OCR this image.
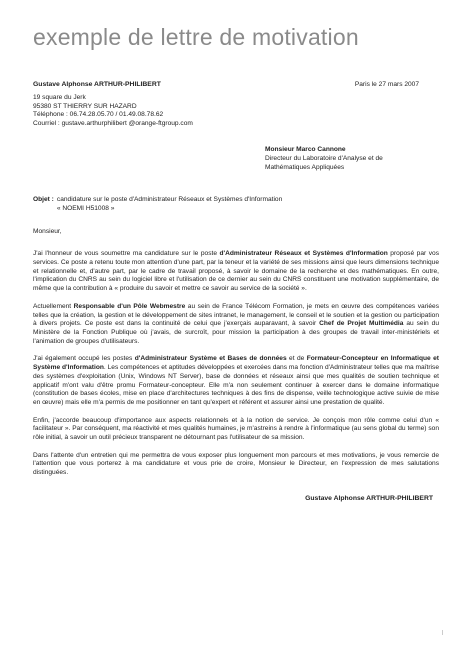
exemple de lettre de motivation
Gustave Alphonse ARTHUR-PHILIBERT	Paris le 27 mars 2007
19 square du Jerk
95380 ST THIERRY SUR HAZARD
Téléphone : 06.74.28.05.70 / 01.49.08.78.62
Courriel : gustave.arthurphilibert @orange-ftgroup.com
Monsieur Marco Cannone
Directeur du Laboratoire d'Analyse et de
Mathématiques Appliquées
Objet : candidature sur le poste d'Administrateur Réseaux et Systèmes d'Information
« NOEMI H51008 »
Monsieur,

J'ai l'honneur de vous soumettre ma candidature sur le poste d'Administrateur Réseaux et Systèmes d'Information proposé par vos services. Ce poste a retenu toute mon attention d'une part, par la teneur et la variété de ses missions ainsi que leurs dimensions technique et relationnelle et, d'autre part, par le cadre de travail proposé, à savoir le domaine de la recherche et des mathématiques. En outre, l'implication du CNRS au sein du logiciel libre et l'utilisation de ce dernier au sein du CNRS constituent une motivation supplémentaire, de même que la contribution à « produire du savoir et mettre ce savoir au service de la société ».

Actuellement Responsable d'un Pôle Webmestre au sein de France Télécom Formation, je mets en œuvre des compétences variées telles que la création, la gestion et le développement de sites intranet, le management, le conseil et le soutien et la gestion ou participation à divers projets. Ce poste est dans la continuité de celui que j'exerçais auparavant, à savoir Chef de Projet Multimédia au sein du Ministère de la Fonction Publique où j'avais, de surcroît, pour mission la participation à des groupes de travail inter-ministériels et l'animation de groupes d'utilisateurs.

J'ai également occupé les postes d'Administrateur Système et Bases de données et de Formateur-Concepteur en Informatique et Système d'Information. Les compétences et aptitudes développées et exercées dans ma fonction d'Administrateur telles que ma maîtrise des systèmes d'exploitation (Unix, Windows NT Server), base de données et réseaux ainsi que mes qualités de soutien technique et applicatif m'ont valu d'être promu Formateur-concepteur. Elle m'a non seulement continuer à exercer dans le domaine informatique (constitution de bases écoles, mise en place d'architectures techniques à des fins de dispense, veille technologique active suivie de mise en œuvre) mais elle m'a permis de me positionner en tant qu'expert et référent et assurer ainsi une prestation de qualité.

Enfin, j'accorde beaucoup d'importance aux aspects relationnels et à la notion de service. Je conçois mon rôle comme celui d'un « facilitateur ». Par conséquent, ma réactivité et mes qualités humaines, je m'astreins à rendre à l'informatique (au sens global du terme) son rôle initial, à savoir un outil précieux transparent ne détournant pas l'utilisateur de sa mission.

Dans l'attente d'un entretien qui me permettra de vous exposer plus longuement mon parcours et mes motivations, je vous remercie de l'attention que vous porterez à ma candidature et vous prie de croire, Monsieur le Directeur, en l'expression de mes salutations distinguées.

Gustave Alphonse ARTHUR-PHILIBERT
